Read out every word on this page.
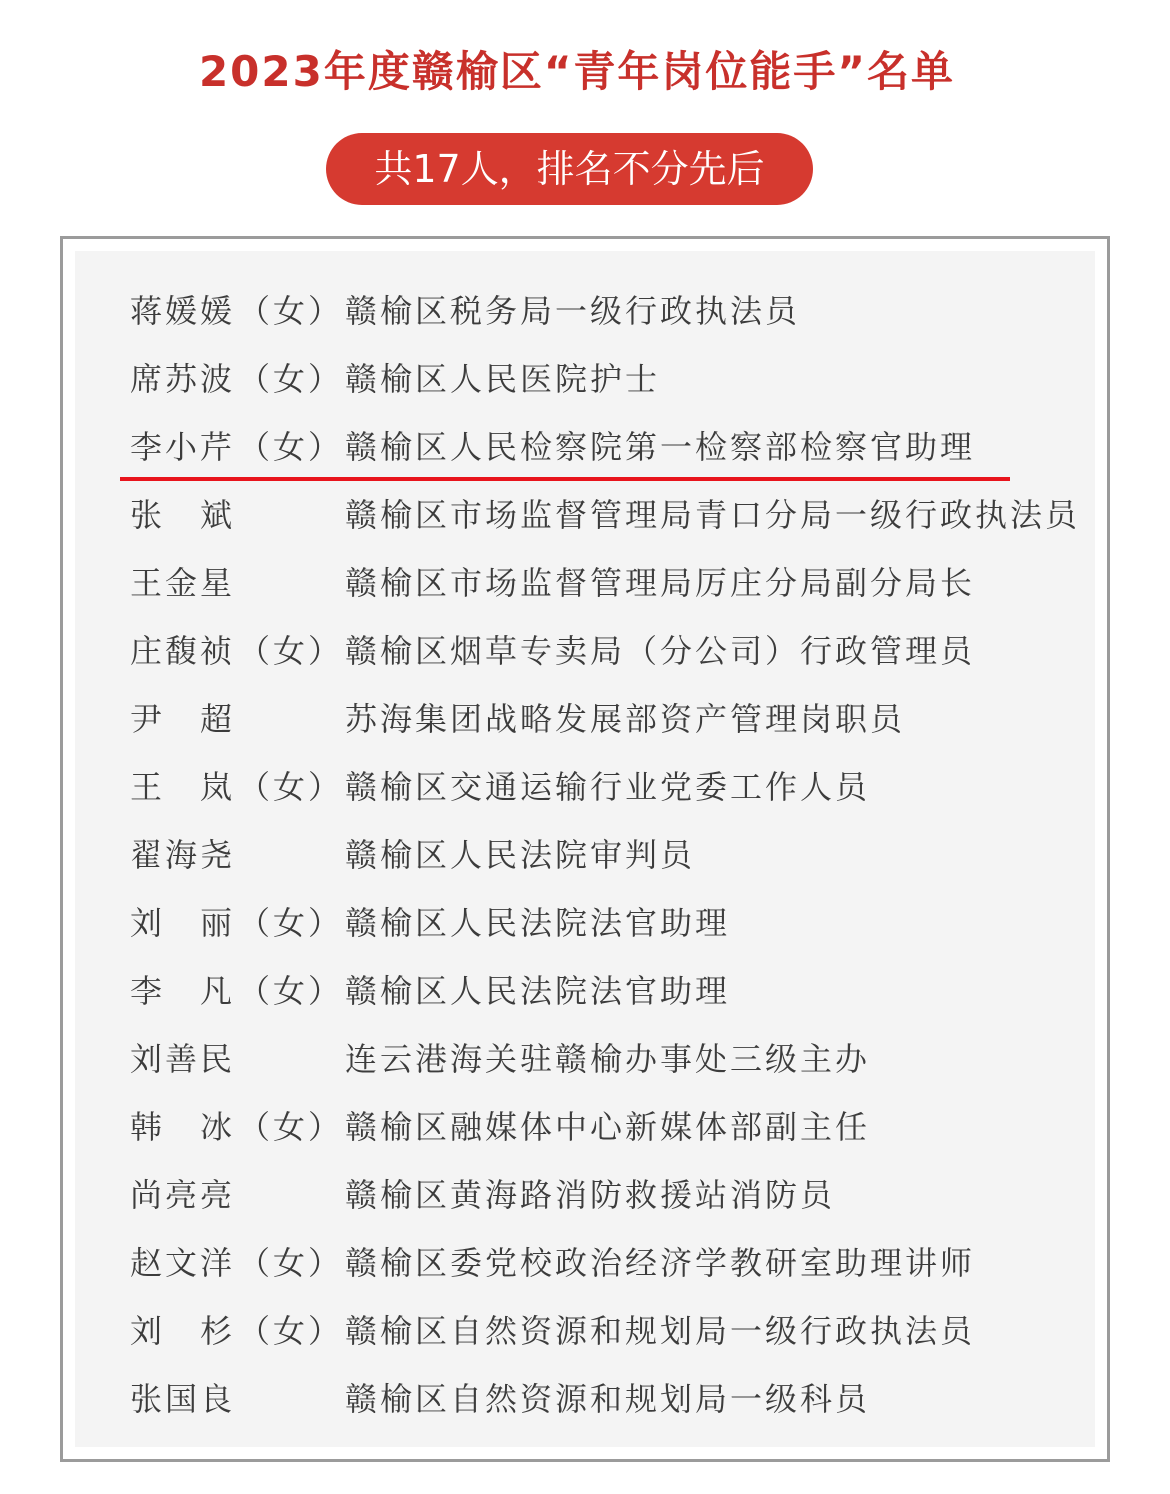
2023年度赣榆区“青年岗位能手”名单
共17人，排名不分先后
蒋媛媛（女）赣榆区税务局一级行政执法员
席苏波（女）赣榆区人民医院护士
李小芹（女）赣榆区人民检察院第一检察部检察官助理
张　斌	赣榆区市场监督管理局青口分局一级行政执法员
王金星	赣榆区市场监督管理局厉庄分局副分局长
庄馥祯（女）赣榆区烟草专卖局（分公司）行政管理员
尹　超	苏海集团战略发展部资产管理岗职员
王　岚（女）赣榆区交通运输行业党委工作人员
翟海尧	赣榆区人民法院审判员
刘　丽（女）赣榆区人民法院法官助理
李　凡（女）赣榆区人民法院法官助理
刘善民	连云港海关驻赣榆办事处三级主办
韩　冰（女）赣榆区融媒体中心新媒体部副主任
尚亮亮	赣榆区黄海路消防救援站消防员
赵文洋（女）赣榆区委党校政治经济学教研室助理讲师
刘　杉（女）赣榆区自然资源和规划局一级行政执法员
张国良	赣榆区自然资源和规划局一级科员
